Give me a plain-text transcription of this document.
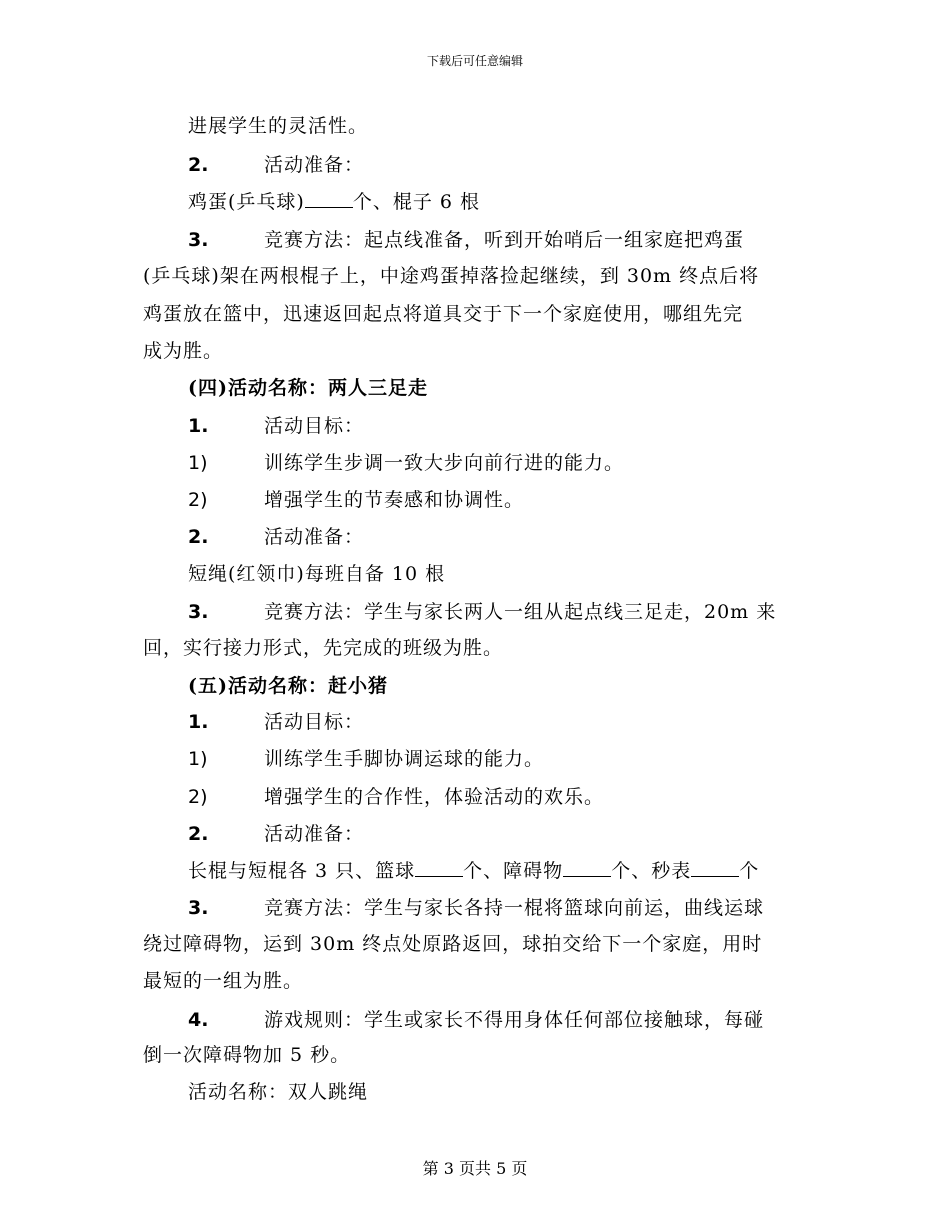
下载后可任意编辑
进展学生的灵活性。
2.	活动准备：
鸡蛋(乒乓球)	个、棍子 6 根
3.	竞赛方法：起点线准备，听到开始哨后一组家庭把鸡蛋
(乒乓球)架在两根棍子上，中途鸡蛋掉落捡起继续，到 30m 终点后将
鸡蛋放在篮中，迅速返回起点将道具交于下一个家庭使用，哪组先完
成为胜。
(四)活动名称：两人三足走
1.	活动目标：
1)	训练学生步调一致大步向前行进的能力。
2)	增强学生的节奏感和协调性。
2.	活动准备：
短绳(红领巾)每班自备 10 根
3.	竞赛方法：学生与家长两人一组从起点线三足走，20m 来
回，实行接力形式，先完成的班级为胜。
(五)活动名称：赶小猪
1.	活动目标：
1)	训练学生手脚协调运球的能力。
2)	增强学生的合作性，体验活动的欢乐。
2.	活动准备：
长棍与短棍各 3 只、篮球	个、障碍物	个、秒表	个
3.	竞赛方法：学生与家长各持一棍将篮球向前运，曲线运球
绕过障碍物，运到 30m 终点处原路返回，球拍交给下一个家庭，用时
最短的一组为胜。
4.	游戏规则：学生或家长不得用身体任何部位接触球，每碰
倒一次障碍物加 5 秒。
活动名称：双人跳绳
第 3 页共 5 页
